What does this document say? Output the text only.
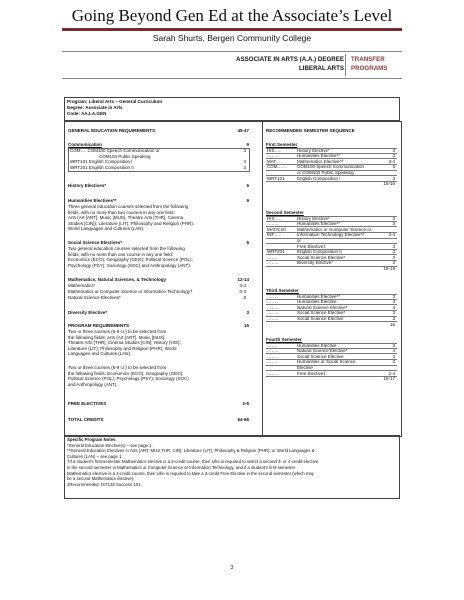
Going Beyond Gen Ed at the Associate’s Level
Sarah Shurts, Bergen Community College
ASSOCIATE IN ARTS (A.A.) DEGREE
LIBERAL ARTS
TRANSFER
PROGRAMS
Program: Liberal Arts – General Curriculum
Degree: Associate in Arts
Code: AA.LA.GEN
GENERAL EDUCATION REQUIREMENTS	45-47
Communication	9
COM…. COM100 Speech Communication or	3
COM102 Public Speaking
WRT101 English Composition I	3
WRT201 English Composition II	3
History Electives*	6
Humanities Electives**	9
Three general education courses selected from the following
fields, with no more than two courses in any one field:
Arts (Art [ART], Music [MUS], Theatre Arts [THR], Cinema
Studies [CIN]); Literature (LIT); Philosophy and Religion (PHR);
World Languages and Cultures (LAN).
Social Science Electives*	6
Two general education courses selected from the following
fields, with no more than one course in any one field:
Economics (ECO); Geography (GEO); Political Science (POL);
Psychology (PSY); Sociology (SOC) and Anthropology (ANT).
Mathematics, Natural Sciences, & Technology	12-14
Mathematics*	3-4
Mathematics or Computer Science or Information Technology†	0-3
Natural Science Electives*	8
Diversity Elective*	3
PROGRAM REQUIREMENTS	15
Two or three courses (6-9 cr.) to be selected from
the following fields: Arts (Art [ART], Music [MUS],
Theatre Arts [THR], Cinema Studies [CIN]; History (HIS);
Literature (LIT); Philosophy and Religion (PHR); World
Languages and Cultures (LAN).
Two or three courses (6-9 cr.) to be selected from
the following fields: Economics (ECO); Geography (GEO);
Political Science (POL); Psychology (PSY); Sociology (SOC)
and Anthropology (ANT).
FREE ELECTIVES	2-6
TOTAL CREDITS	64-66
RECOMMENDED SEMESTER SEQUENCE
First Semester
HIS…..	History Elective*	3
……..	Humanities Elective**	3
MAT…..	Mathematics Elective*†	3-4
COM…… COM100 Speech Communication	3
or COM102 Public Speaking
WRT101	English Composition I	3
15-16
Second Semester
HIS…..	History Elective*	3
……..	Humanities Elective**	3
MAT/CIS/ Mathematics or Computer Science or
INF…..	Information Technology Elective*†	3-4
or
Free Elective‡	3
WRT201	English Composition II	3
……..	Social Science Elective*	3
……..	Diversity Elective*	3
18-19
Third Semester
……..	Humanities Elective**	3
……..	Humanities Elective	3
……..	Natural Science Elective*	4
……..	Social Science Elective*	3
……..	Social Science Elective	3
16
Fourth Semester
……..	Humanities Elective	3
……..	Natural Science Elective*	4
……..	Social Science Elective	3
……..	Humanities or Social Science	3
Elective
……..	Free Elective‡	2-4
15-17
Specific Program Notes
*General Education Elective(s) – see page 1.
**General Education Electives in Arts (ART, MUS,THR, CIN); Literature (LIT); Philosophy & Religion (PHR); or World Languages &
Cultures (LAN) – see page 1.
†If a student's first-semester Mathematics elective is a 3-credit course, then s/he is required to select a second 3- or 4-credit elective
in the second semester in Mathematics or Computer Science or Information Technology, and if a student's first-semester
Mathematics elective is a 4-credit course, then s/he is required to take a 3-credit Free Elective in the second semester (which may
be a second Mathematics elective).
‡Recommended: IST123 Success 101.
3
